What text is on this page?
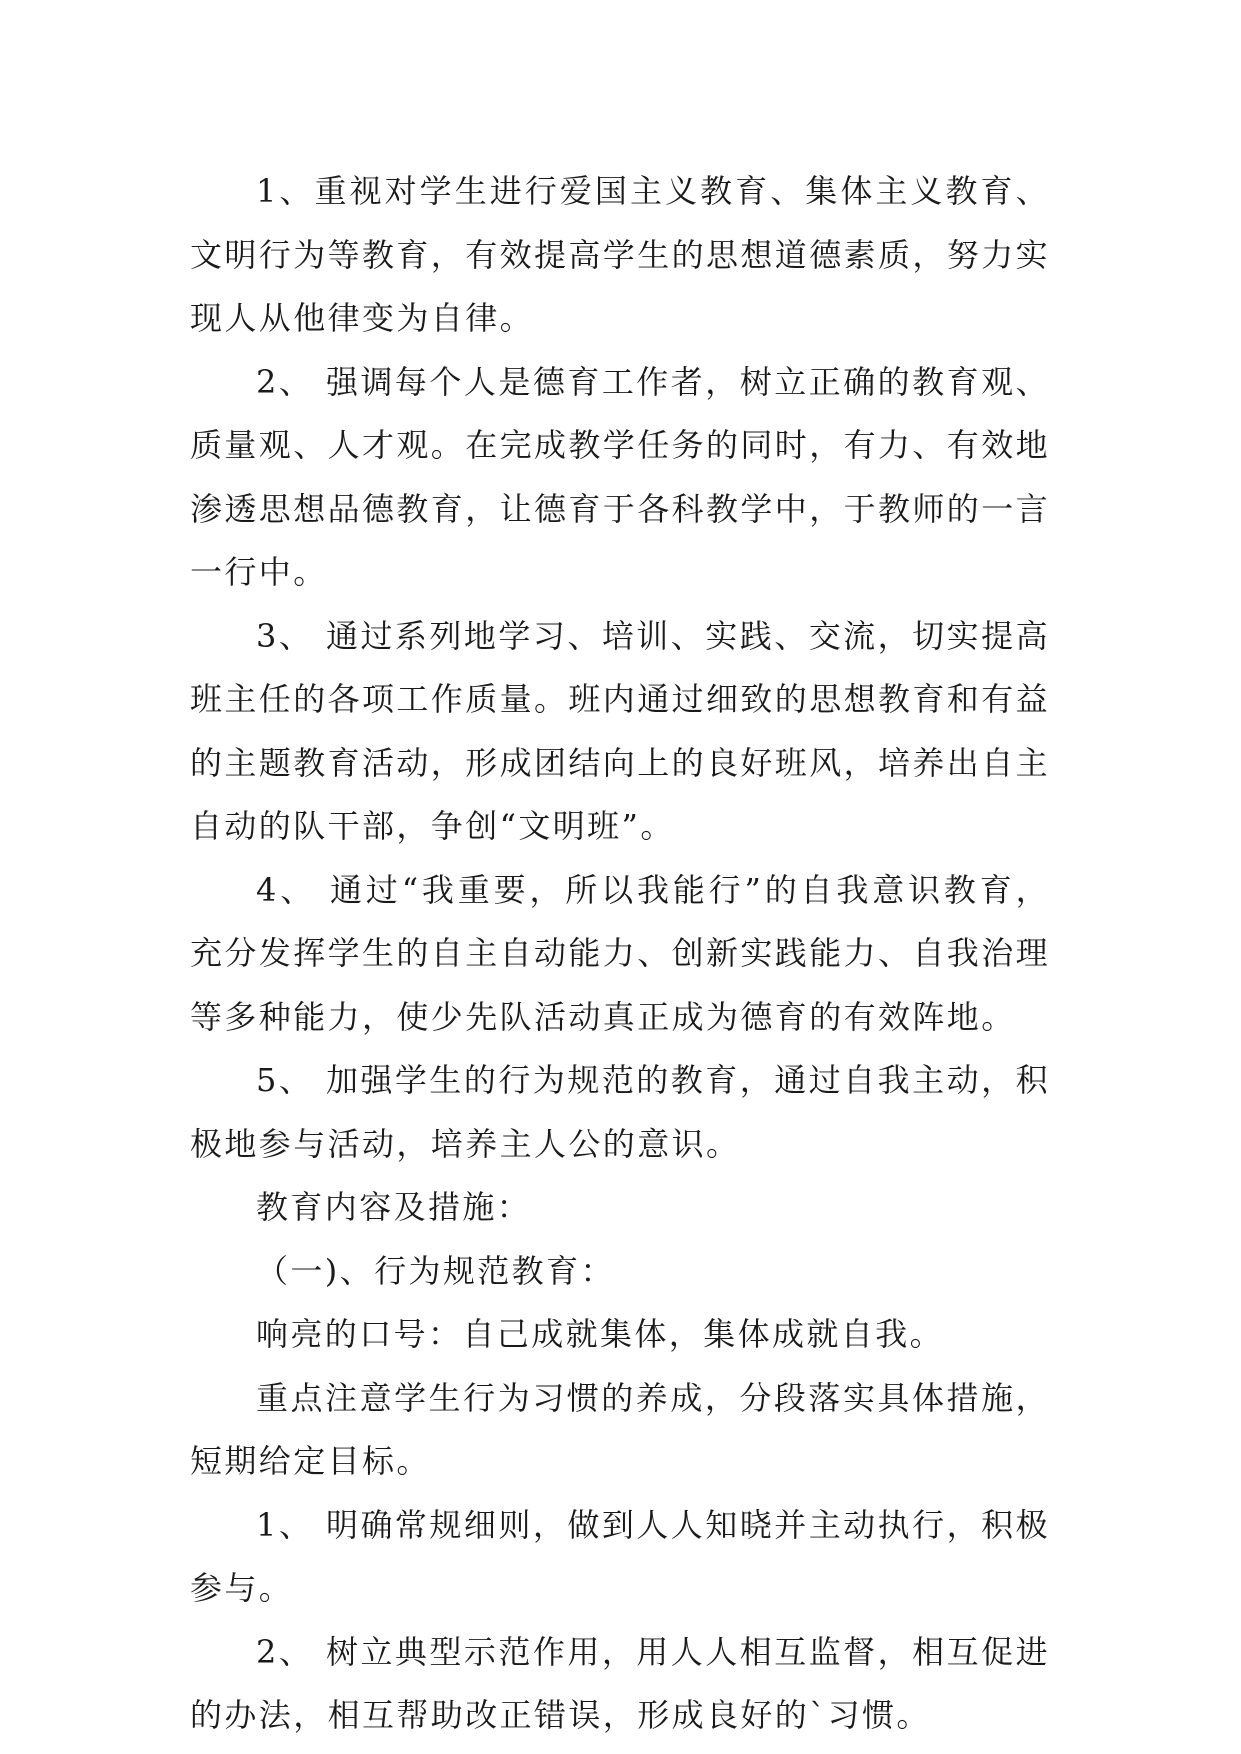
1、重视对学生进行爱国主义教育、集体主义教育、文明行为等教育，有效提高学生的思想道德素质，努力实现人从他律变为自律。

2、 强调每个人是德育工作者，树立正确的教育观、质量观、人才观。在完成教学任务的同时，有力、有效地渗透思想品德教育，让德育于各科教学中，于教师的一言一行中。

3、 通过系列地学习、培训、实践、交流，切实提高班主任的各项工作质量。班内通过细致的思想教育和有益的主题教育活动，形成团结向上的良好班风，培养出自主自动的队干部，争创“文明班”。

4、 通过“我重要，所以我能行”的自我意识教育，充分发挥学生的自主自动能力、创新实践能力、自我治理等多种能力，使少先队活动真正成为德育的有效阵地。

5、 加强学生的行为规范的教育，通过自我主动，积极地参与活动，培养主人公的意识。

教育内容及措施：

（一)、行为规范教育：

响亮的口号：自己成就集体，集体成就自我。

重点注意学生行为习惯的养成，分段落实具体措施，短期给定目标。

1、 明确常规细则，做到人人知晓并主动执行，积极参与。

2、 树立典型示范作用，用人人相互监督，相互促进的办法，相互帮助改正错误，形成良好的`习惯。
